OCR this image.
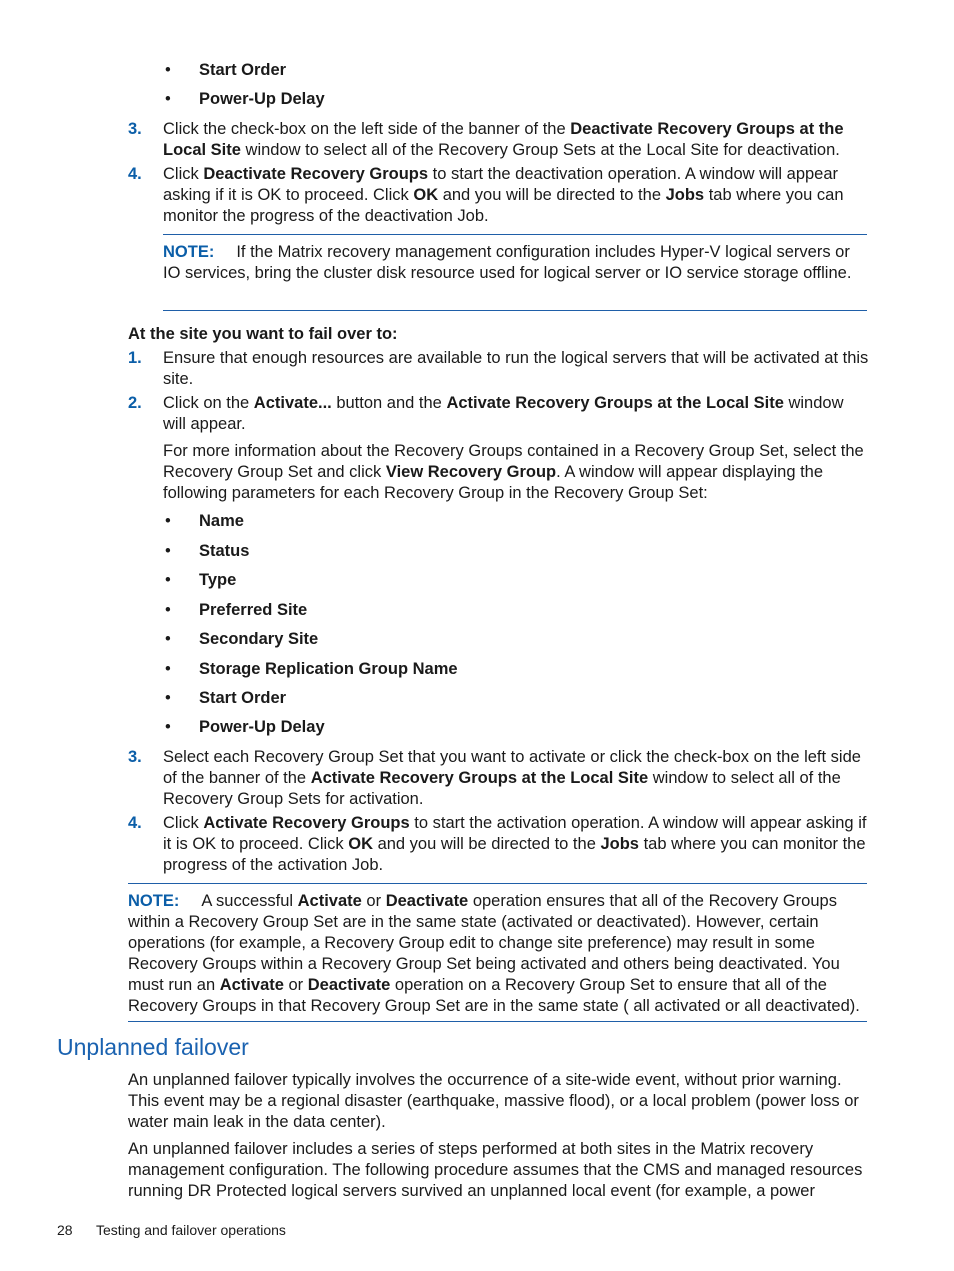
• Start Order
• Power-Up Delay
3. Click the check-box on the left side of the banner of the Deactivate Recovery Groups at the Local Site window to select all of the Recovery Group Sets at the Local Site for deactivation.
4. Click Deactivate Recovery Groups to start the deactivation operation. A window will appear asking if it is OK to proceed. Click OK and you will be directed to the Jobs tab where you can monitor the progress of the deactivation Job.
NOTE: If the Matrix recovery management configuration includes Hyper-V logical servers or IO services, bring the cluster disk resource used for logical server or IO service storage offline.
At the site you want to fail over to:
1. Ensure that enough resources are available to run the logical servers that will be activated at this site.
2. Click on the Activate... button and the Activate Recovery Groups at the Local Site window will appear.
For more information about the Recovery Groups contained in a Recovery Group Set, select the Recovery Group Set and click View Recovery Group. A window will appear displaying the following parameters for each Recovery Group in the Recovery Group Set:
• Name
• Status
• Type
• Preferred Site
• Secondary Site
• Storage Replication Group Name
• Start Order
• Power-Up Delay
3. Select each Recovery Group Set that you want to activate or click the check-box on the left side of the banner of the Activate Recovery Groups at the Local Site window to select all of the Recovery Group Sets for activation.
4. Click Activate Recovery Groups to start the activation operation. A window will appear asking if it is OK to proceed. Click OK and you will be directed to the Jobs tab where you can monitor the progress of the activation Job.
NOTE: A successful Activate or Deactivate operation ensures that all of the Recovery Groups within a Recovery Group Set are in the same state (activated or deactivated). However, certain operations (for example, a Recovery Group edit to change site preference) may result in some Recovery Groups within a Recovery Group Set being activated and others being deactivated. You must run an Activate or Deactivate operation on a Recovery Group Set to ensure that all of the Recovery Groups in that Recovery Group Set are in the same state ( all activated or all deactivated).
Unplanned failover
An unplanned failover typically involves the occurrence of a site-wide event, without prior warning. This event may be a regional disaster (earthquake, massive flood), or a local problem (power loss or water main leak in the data center).
An unplanned failover includes a series of steps performed at both sites in the Matrix recovery management configuration. The following procedure assumes that the CMS and managed resources running DR Protected logical servers survived an unplanned local event (for example, a power
28 Testing and failover operations
